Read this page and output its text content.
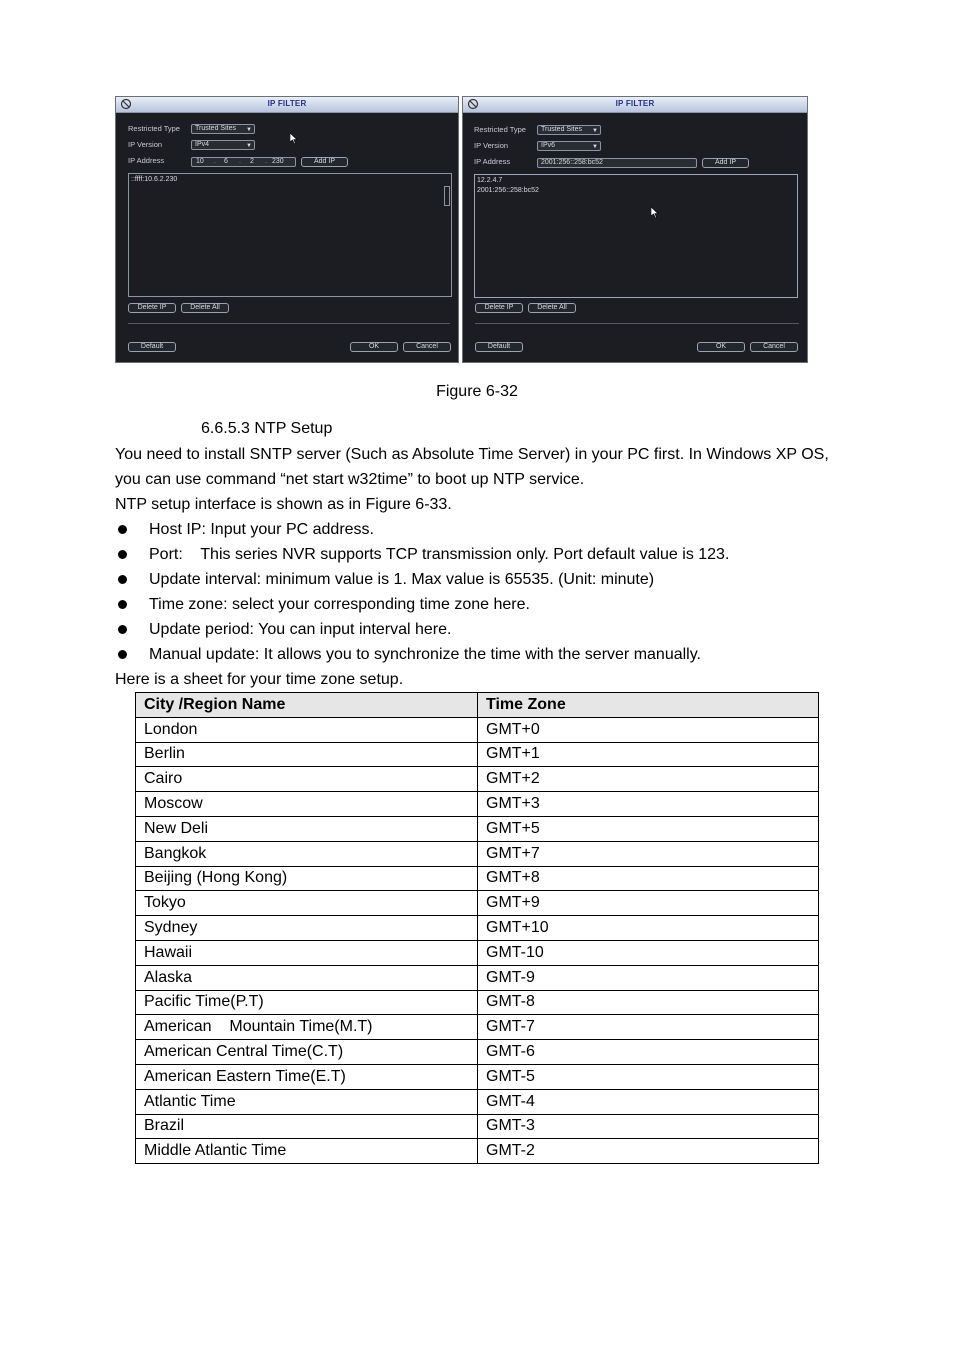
IP FILTER
Restricted Type	Trusted Sites ▼
IP Version	IPv4	▼
IP Address	10 . 6 . 2 . 230	Add IP
::ffff:10.6.2.230
Delete IP	Delete All
Default	OK	Cancel
IP FILTER
Restricted Type	Trusted Sites ▼
IP Version	IPv6	▼
IP Address	2001:256::258:bc52	Add IP
12.2.4.7
2001:256::258:bc52
Delete IP	Delete All
Default	OK	Cancel
Figure 6-32
6.6.5.3 NTP Setup
You need to install SNTP server (Such as Absolute Time Server) in your PC first. In Windows XP OS, you can use command “net start w32time” to boot up NTP service.
NTP setup interface is shown as in Figure 6-33.
Host IP: Input your PC address.
Port:    This series NVR supports TCP transmission only. Port default value is 123.
Update interval: minimum value is 1. Max value is 65535. (Unit: minute)
Time zone: select your corresponding time zone here.
Update period: You can input interval here.
Manual update: It allows you to synchronize the time with the server manually.
Here is a sheet for your time zone setup.
City /Region Name	Time Zone
London	GMT+0
Berlin	GMT+1
Cairo	GMT+2
Moscow	GMT+3
New Deli	GMT+5
Bangkok	GMT+7
Beijing (Hong Kong)	GMT+8
Tokyo	GMT+9
Sydney	GMT+10
Hawaii	GMT-10
Alaska	GMT-9
Pacific Time(P.T)	GMT-8
American    Mountain Time(M.T)	GMT-7
American Central Time(C.T)	GMT-6
American Eastern Time(E.T)	GMT-5
Atlantic Time	GMT-4
Brazil	GMT-3
Middle Atlantic Time	GMT-2
